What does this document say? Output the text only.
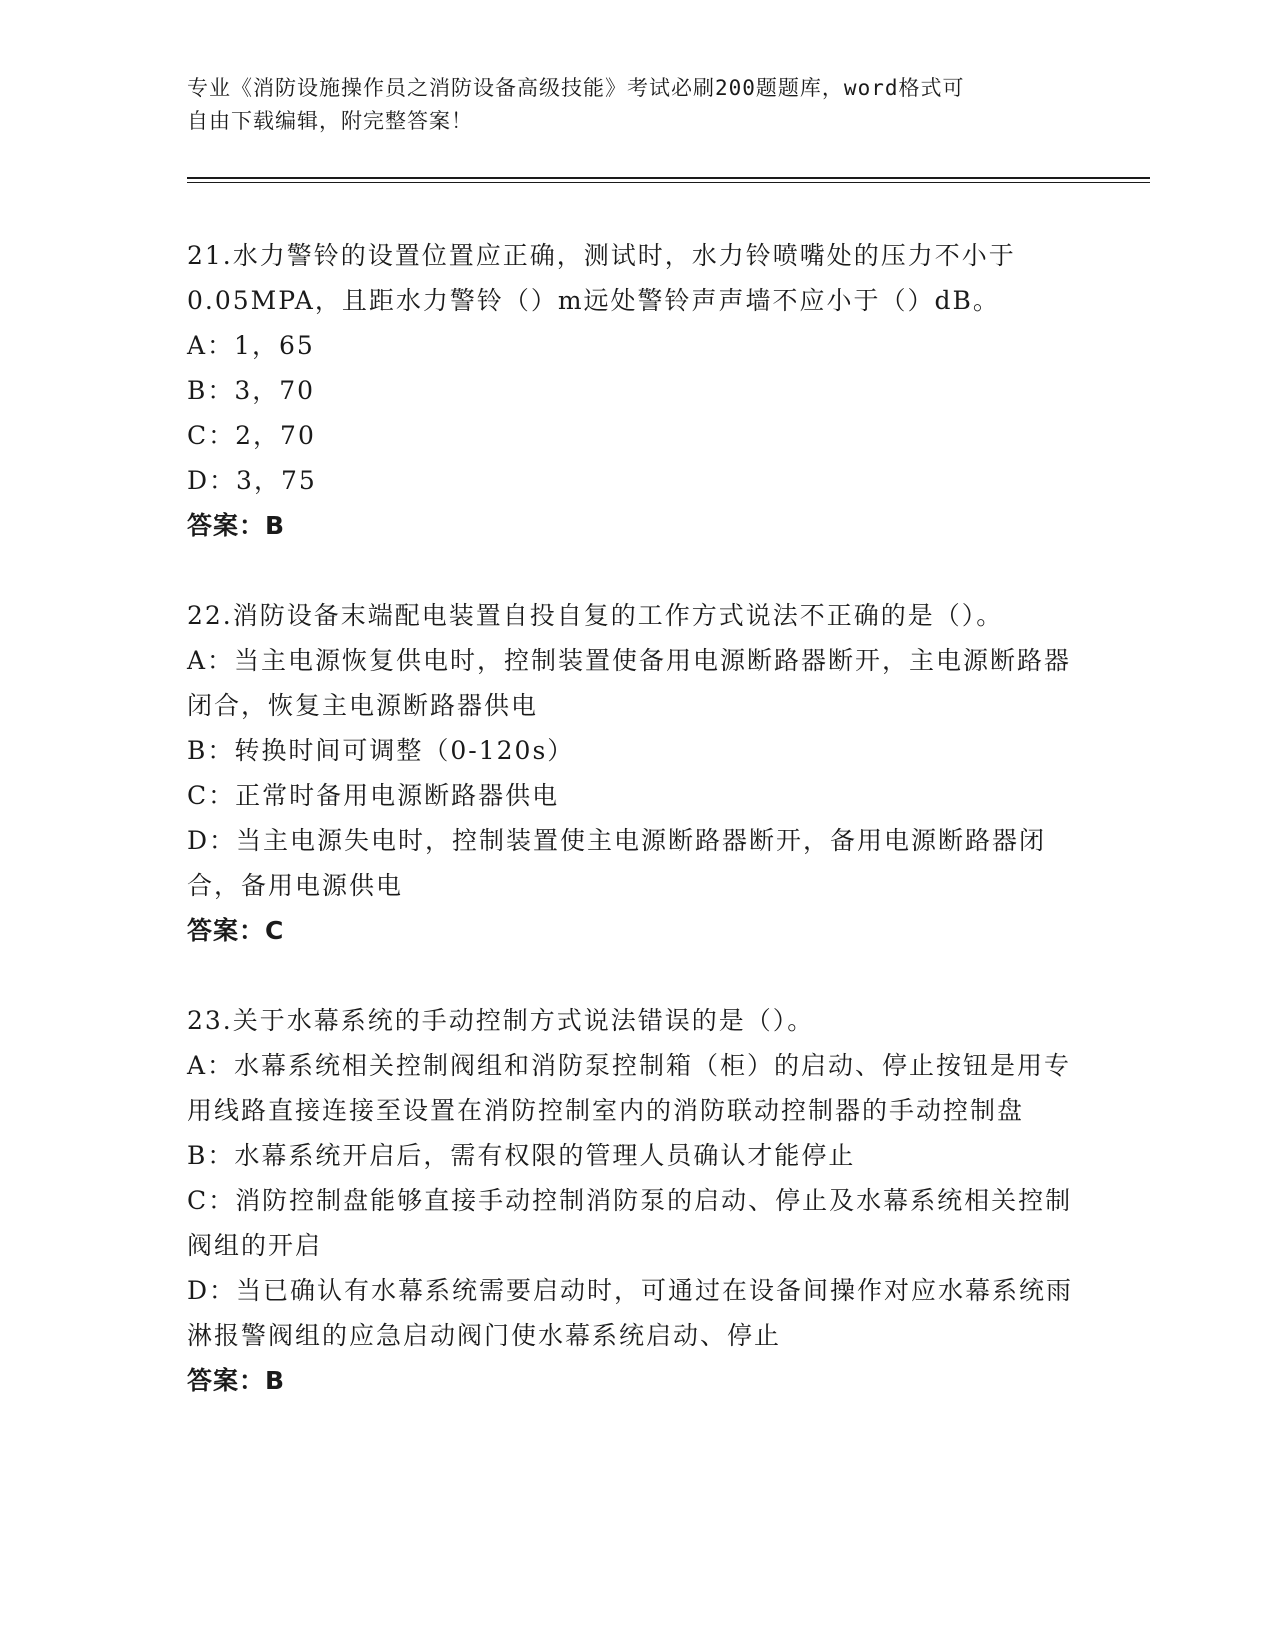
专业《消防设施操作员之消防设备高级技能》考试必刷200题题库，word格式可
自由下载编辑，附完整答案！
21.水力警铃的设置位置应正确，测试时，水力铃喷嘴处的压力不小于0.05MPA，且距水力警铃（）m远处警铃声声墙不应小于（）dB。
A：1，65
B：3，70
C：2，70
D：3，75
答案：B
22.消防设备末端配电装置自投自复的工作方式说法不正确的是（）。
A：当主电源恢复供电时，控制装置使备用电源断路器断开，主电源断路器闭合，恢复主电源断路器供电
B：转换时间可调整（0-120s）
C：正常时备用电源断路器供电
D：当主电源失电时，控制装置使主电源断路器断开，备用电源断路器闭合，备用电源供电
答案：C
23.关于水幕系统的手动控制方式说法错误的是（）。
A：水幕系统相关控制阀组和消防泵控制箱（柜）的启动、停止按钮是用专用线路直接连接至设置在消防控制室内的消防联动控制器的手动控制盘
B：水幕系统开启后，需有权限的管理人员确认才能停止
C：消防控制盘能够直接手动控制消防泵的启动、停止及水幕系统相关控制阀组的开启
D：当已确认有水幕系统需要启动时，可通过在设备间操作对应水幕系统雨淋报警阀组的应急启动阀门使水幕系统启动、停止
答案：B
